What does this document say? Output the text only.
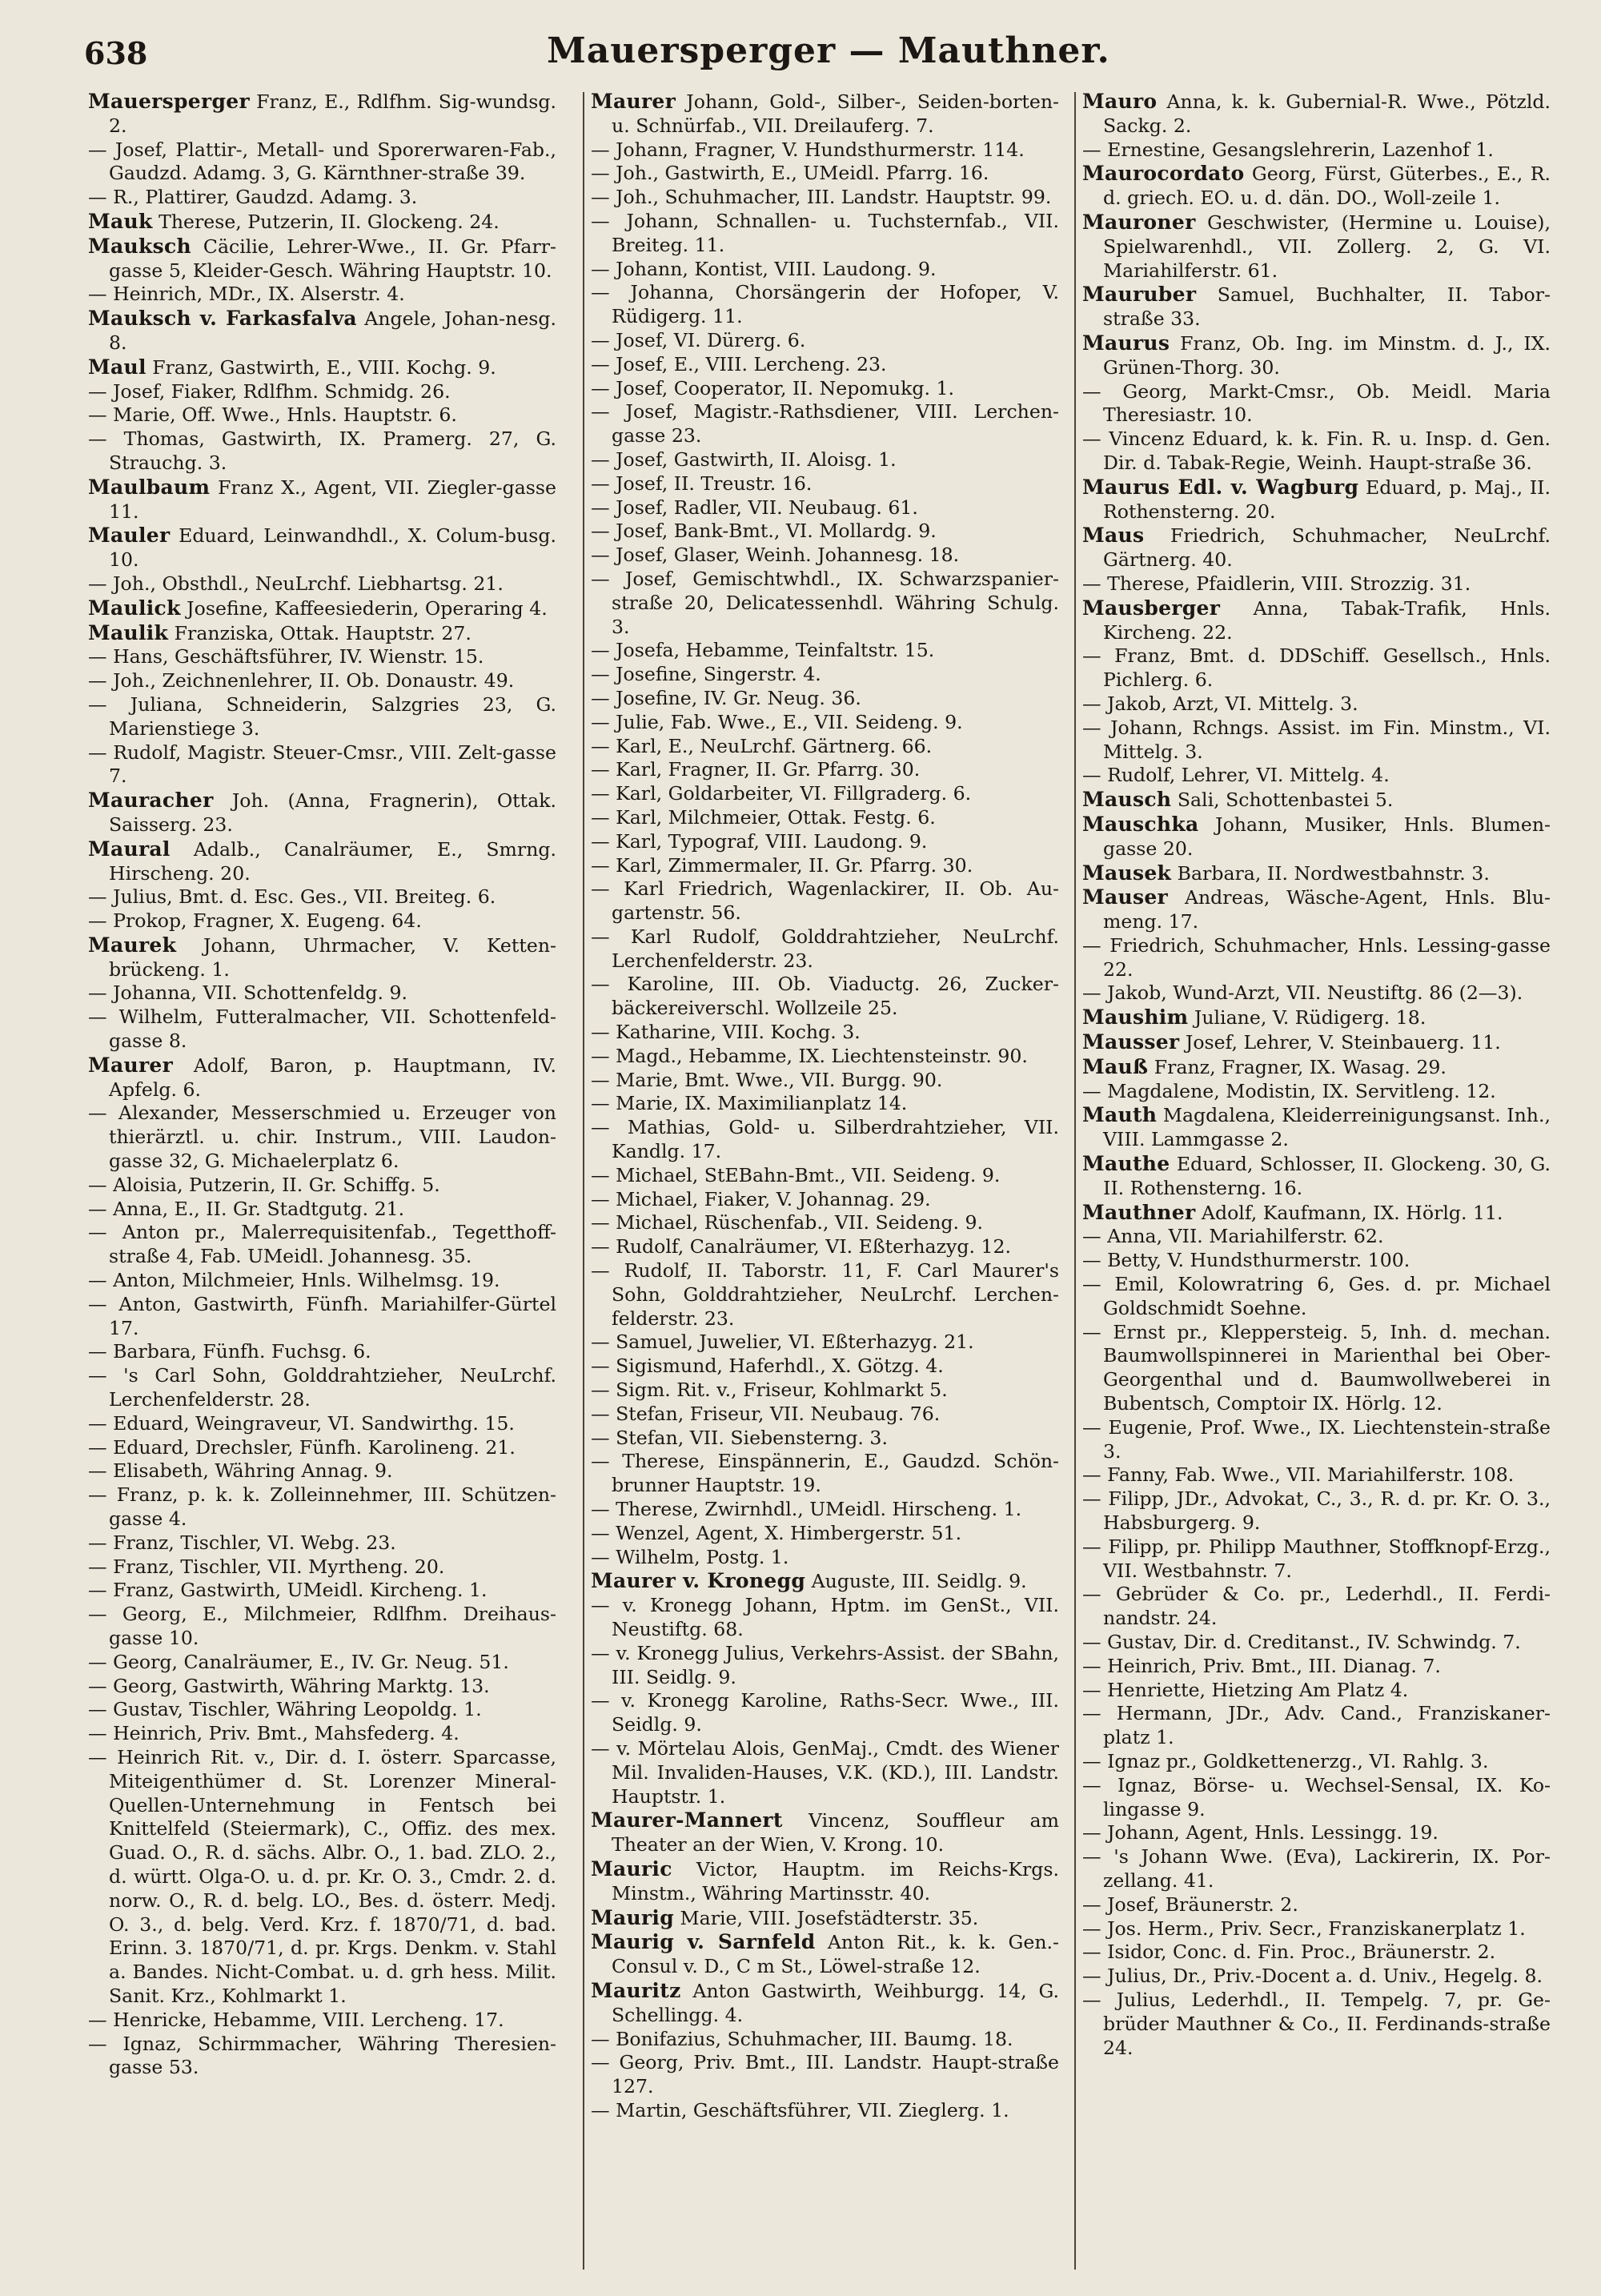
638	Mauersperger — Mauthner.

Mauersperger Franz, E., Rdlfhm. Sig-wundsg. 2.

— Josef, Plattir-, Metall- und Sporerwaren-Fab., Gaudzd. Adamg. 3, G. Kärnthner-straße 39.

— R., Plattirer, Gaudzd. Adamg. 3.

Mauk Therese, Putzerin, II. Glockeng. 24.

Mauksch Cäcilie, Lehrer-Wwe., II. Gr. Pfarr-gasse 5, Kleider-Gesch. Währing Hauptstr. 10.

— Heinrich, MDr., IX. Alserstr. 4.

Mauksch v. Farkasfalva Angele, Johan-nesg. 8.

Maul Franz, Gastwirth, E., VIII. Kochg. 9.

— Josef, Fiaker, Rdlfhm. Schmidg. 26.

— Marie, Off. Wwe., Hnls. Hauptstr. 6.

— Thomas, Gastwirth, IX. Pramerg. 27, G. Strauchg. 3.

Maulbaum Franz X., Agent, VII. Ziegler-gasse 11.

Mauler Eduard, Leinwandhdl., X. Colum-busg. 10.

— Joh., Obsthdl., NeuLrchf. Liebhartsg. 21.

Maulick Josefine, Kaffeesiederin, Operaring 4.

Maulik Franziska, Ottak. Hauptstr. 27.

— Hans, Geschäftsführer, IV. Wienstr. 15.

— Joh., Zeichnenlehrer, II. Ob. Donaustr. 49.

— Juliana, Schneiderin, Salzgries 23, G. Marienstiege 3.

— Rudolf, Magistr. Steuer-Cmsr., VIII. Zelt-gasse 7.

Mauracher Joh. (Anna, Fragnerin), Ottak. Saisserg. 23.

Maural Adalb., Canalräumer, E., Smrng. Hirscheng. 20.

— Julius, Bmt. d. Esc. Ges., VII. Breiteg. 6.

— Prokop, Fragner, X. Eugeng. 64.

Maurek Johann, Uhrmacher, V. Ketten-brückeng. 1.

— Johanna, VII. Schottenfeldg. 9.

— Wilhelm, Futteralmacher, VII. Schottenfeld-gasse 8.

Maurer Adolf, Baron, p. Hauptmann, IV. Apfelg. 6.

— Alexander, Messerschmied u. Erzeuger von thierärztl. u. chir. Instrum., VIII. Laudon-gasse 32, G. Michaelerplatz 6.

— Aloisia, Putzerin, II. Gr. Schiffg. 5.

— Anna, E., II. Gr. Stadtgutg. 21.

— Anton pr., Malerrequisitenfab., Tegetthoff-straße 4, Fab. UMeidl. Johannesg. 35.

— Anton, Milchmeier, Hnls. Wilhelmsg. 19.

— Anton, Gastwirth, Fünfh. Mariahilfer-Gürtel 17.

— Barbara, Fünfh. Fuchsg. 6.

— 's Carl Sohn, Golddrahtzieher, NeuLrchf. Lerchenfelderstr. 28.

— Eduard, Weingraveur, VI. Sandwirthg. 15.

— Eduard, Drechsler, Fünfh. Karolineng. 21.

— Elisabeth, Währing Annag. 9.

— Franz, p. k. k. Zolleinnehmer, III. Schützen-gasse 4.

— Franz, Tischler, VI. Webg. 23.

— Franz, Tischler, VII. Myrtheng. 20.

— Franz, Gastwirth, UMeidl. Kircheng. 1.

— Georg, E., Milchmeier, Rdlfhm. Dreihaus-gasse 10.

— Georg, Canalräumer, E., IV. Gr. Neug. 51.

— Georg, Gastwirth, Währing Marktg. 13.

— Gustav, Tischler, Währing Leopoldg. 1.

— Heinrich, Priv. Bmt., Mahsfederg. 4.

— Heinrich Rit. v., Dir. d. I. österr. Sparcasse, Miteigenthümer d. St. Lorenzer Mineral-Quellen-Unternehmung in Fentsch bei Knittelfeld (Steiermark), C., Offiz. des mex. Guad. O., R. d. sächs. Albr. O., 1. bad. ZLO. 2., d. württ. Olga-O. u. d. pr. Kr. O. 3., Cmdr. 2. d. norw. O., R. d. belg. LO., Bes. d. österr. Medj. O. 3., d. belg. Verd. Krz. f. 1870/71, d. bad. Erinn. 3. 1870/71, d. pr. Krgs. Denkm. v. Stahl a. Bandes. Nicht-Combat. u. d. grh hess. Milit. Sanit. Krz., Kohlmarkt 1.

— Henricke, Hebamme, VIII. Lercheng. 17.

— Ignaz, Schirmmacher, Währing Theresien-gasse 53.

Maurer Johann, Gold-, Silber-, Seiden-borten- u. Schnürfab., VII. Dreilauferg. 7.

— Johann, Fragner, V. Hundsthurmerstr. 114.

— Joh., Gastwirth, E., UMeidl. Pfarrg. 16.

— Joh., Schuhmacher, III. Landstr. Hauptstr. 99.

— Johann, Schnallen- u. Tuchsternfab., VII. Breiteg. 11.

— Johann, Kontist, VIII. Laudong. 9.

— Johanna, Chorsängerin der Hofoper, V. Rüdigerg. 11.

— Josef, VI. Dürerg. 6.

— Josef, E., VIII. Lercheng. 23.

— Josef, Cooperator, II. Nepomukg. 1.

— Josef, Magistr.-Rathsdiener, VIII. Lerchen-gasse 23.

— Josef, Gastwirth, II. Aloisg. 1.

— Josef, II. Treustr. 16.

— Josef, Radler, VII. Neubaug. 61.

— Josef, Bank-Bmt., VI. Mollardg. 9.

— Josef, Glaser, Weinh. Johannesg. 18.

— Josef, Gemischtwhdl., IX. Schwarzspanier-straße 20, Delicatessenhdl. Währing Schulg. 3.

— Josefa, Hebamme, Teinfaltstr. 15.

— Josefine, Singerstr. 4.

— Josefine, IV. Gr. Neug. 36.

— Julie, Fab. Wwe., E., VII. Seideng. 9.

— Karl, E., NeuLrchf. Gärtnerg. 66.

— Karl, Fragner, II. Gr. Pfarrg. 30.

— Karl, Goldarbeiter, VI. Fillgraderg. 6.

— Karl, Milchmeier, Ottak. Festg. 6.

— Karl, Typograf, VIII. Laudong. 9.

— Karl, Zimmermaler, II. Gr. Pfarrg. 30.

— Karl Friedrich, Wagenlackirer, II. Ob. Au-gartenstr. 56.

— Karl Rudolf, Golddrahtzieher, NeuLrchf. Lerchenfelderstr. 23.

— Karoline, III. Ob. Viaductg. 26, Zucker-bäckereiverschl. Wollzeile 25.

— Katharine, VIII. Kochg. 3.

— Magd., Hebamme, IX. Liechtensteinstr. 90.

— Marie, Bmt. Wwe., VII. Burgg. 90.

— Marie, IX. Maximilianplatz 14.

— Mathias, Gold- u. Silberdrahtzieher, VII. Kandlg. 17.

— Michael, StEBahn-Bmt., VII. Seideng. 9.

— Michael, Fiaker, V. Johannag. 29.

— Michael, Rüschenfab., VII. Seideng. 9.

— Rudolf, Canalräumer, VI. Eßterhazyg. 12.

— Rudolf, II. Taborstr. 11, F. Carl Maurer's Sohn, Golddrahtzieher, NeuLrchf. Lerchen-felderstr. 23.

— Samuel, Juwelier, VI. Eßterhazyg. 21.

— Sigismund, Haferhdl., X. Götzg. 4.

— Sigm. Rit. v., Friseur, Kohlmarkt 5.

— Stefan, Friseur, VII. Neubaug. 76.

— Stefan, VII. Siebensterng. 3.

— Therese, Einspännerin, E., Gaudzd. Schön-brunner Hauptstr. 19.

— Therese, Zwirnhdl., UMeidl. Hirscheng. 1.

— Wenzel, Agent, X. Himbergerstr. 51.

— Wilhelm, Postg. 1.

Maurer v. Kronegg Auguste, III. Seidlg. 9.

— v. Kronegg Johann, Hptm. im GenSt., VII. Neustiftg. 68.

— v. Kronegg Julius, Verkehrs-Assist. der SBahn, III. Seidlg. 9.

— v. Kronegg Karoline, Raths-Secr. Wwe., III. Seidlg. 9.

— v. Mörtelau Alois, GenMaj., Cmdt. des Wiener Mil. Invaliden-Hauses, V.K. (KD.), III. Landstr. Hauptstr. 1.

Maurer-Mannert Vincenz, Souffleur am Theater an der Wien, V. Krong. 10.

Mauric Victor, Hauptm. im Reichs-Krgs. Minstm., Währing Martinsstr. 40.

Maurig Marie, VIII. Josefstädterstr. 35.

Maurig v. Sarnfeld Anton Rit., k. k. Gen.-Consul v. D., C m St., Löwel-straße 12.

Mauritz Anton Gastwirth, Weihburgg. 14, G. Schellingg. 4.

— Bonifazius, Schuhmacher, III. Baumg. 18.

— Georg, Priv. Bmt., III. Landstr. Haupt-straße 127.

— Martin, Geschäftsführer, VII. Zieglerg. 1.

Mauro Anna, k. k. Gubernial-R. Wwe., Pötzld. Sackg. 2.

— Ernestine, Gesangslehrerin, Lazenhof 1.

Maurocordato Georg, Fürst, Güterbes., E., R. d. griech. EO. u. d. dän. DO., Woll-zeile 1.

Mauroner Geschwister, (Hermine u. Louise), Spielwarenhdl., VII. Zollerg. 2, G. VI. Mariahilferstr. 61.

Mauruber Samuel, Buchhalter, II. Tabor-straße 33.

Maurus Franz, Ob. Ing. im Minstm. d. J., IX. Grünen-Thorg. 30.

— Georg, Markt-Cmsr., Ob. Meidl. Maria Theresiastr. 10.

— Vincenz Eduard, k. k. Fin. R. u. Insp. d. Gen. Dir. d. Tabak-Regie, Weinh. Haupt-straße 36.

Maurus Edl. v. Wagburg Eduard, p. Maj., II. Rothensterng. 20.

Maus Friedrich, Schuhmacher, NeuLrchf. Gärtnerg. 40.

— Therese, Pfaidlerin, VIII. Strozzig. 31.

Mausberger Anna, Tabak-Trafik, Hnls. Kircheng. 22.

— Franz, Bmt. d. DDSchiff. Gesellsch., Hnls. Pichlerg. 6.

— Jakob, Arzt, VI. Mittelg. 3.

— Johann, Rchngs. Assist. im Fin. Minstm., VI. Mittelg. 3.

— Rudolf, Lehrer, VI. Mittelg. 4.

Mausch Sali, Schottenbastei 5.

Mauschka Johann, Musiker, Hnls. Blumen-gasse 20.

Mausek Barbara, II. Nordwestbahnstr. 3.

Mauser Andreas, Wäsche-Agent, Hnls. Blu-meng. 17.

— Friedrich, Schuhmacher, Hnls. Lessing-gasse 22.

— Jakob, Wund-Arzt, VII. Neustiftg. 86 (2—3).

Maushim Juliane, V. Rüdigerg. 18.

Mausser Josef, Lehrer, V. Steinbauerg. 11.

Mauß Franz, Fragner, IX. Wasag. 29.

— Magdalene, Modistin, IX. Servitleng. 12.

Mauth Magdalena, Kleiderreinigungsanst. Inh., VIII. Lammgasse 2.

Mauthe Eduard, Schlosser, II. Glockeng. 30, G. II. Rothensterng. 16.

Mauthner Adolf, Kaufmann, IX. Hörlg. 11.

— Anna, VII. Mariahilferstr. 62.

— Betty, V. Hundsthurmerstr. 100.

— Emil, Kolowratring 6, Ges. d. pr. Michael Goldschmidt Soehne.

— Ernst pr., Kleppersteig. 5, Inh. d. mechan. Baumwollspinnerei in Marienthal bei Ober-Georgenthal und d. Baumwollweberei in Bubentsch, Comptoir IX. Hörlg. 12.

— Eugenie, Prof. Wwe., IX. Liechtenstein-straße 3.

— Fanny, Fab. Wwe., VII. Mariahilferstr. 108.

— Filipp, JDr., Advokat, C., 3., R. d. pr. Kr. O. 3., Habsburgerg. 9.

— Filipp, pr. Philipp Mauthner, Stoffknopf-Erzg., VII. Westbahnstr. 7.

— Gebrüder & Co. pr., Lederhdl., II. Ferdi-nandstr. 24.

— Gustav, Dir. d. Creditanst., IV. Schwindg. 7.

— Heinrich, Priv. Bmt., III. Dianag. 7.

— Henriette, Hietzing Am Platz 4.

— Hermann, JDr., Adv. Cand., Franziskaner-platz 1.

— Ignaz pr., Goldkettenerzg., VI. Rahlg. 3.

— Ignaz, Börse- u. Wechsel-Sensal, IX. Ko-lingasse 9.

— Johann, Agent, Hnls. Lessingg. 19.

— 's Johann Wwe. (Eva), Lackirerin, IX. Por-zellang. 41.

— Josef, Bräunerstr. 2.

— Jos. Herm., Priv. Secr., Franziskanerplatz 1.

— Isidor, Conc. d. Fin. Proc., Bräunerstr. 2.

— Julius, Dr., Priv.-Docent a. d. Univ., Hegelg. 8.

— Julius, Lederhdl., II. Tempelg. 7, pr. Ge-brüder Mauthner & Co., II. Ferdinands-straße 24.
